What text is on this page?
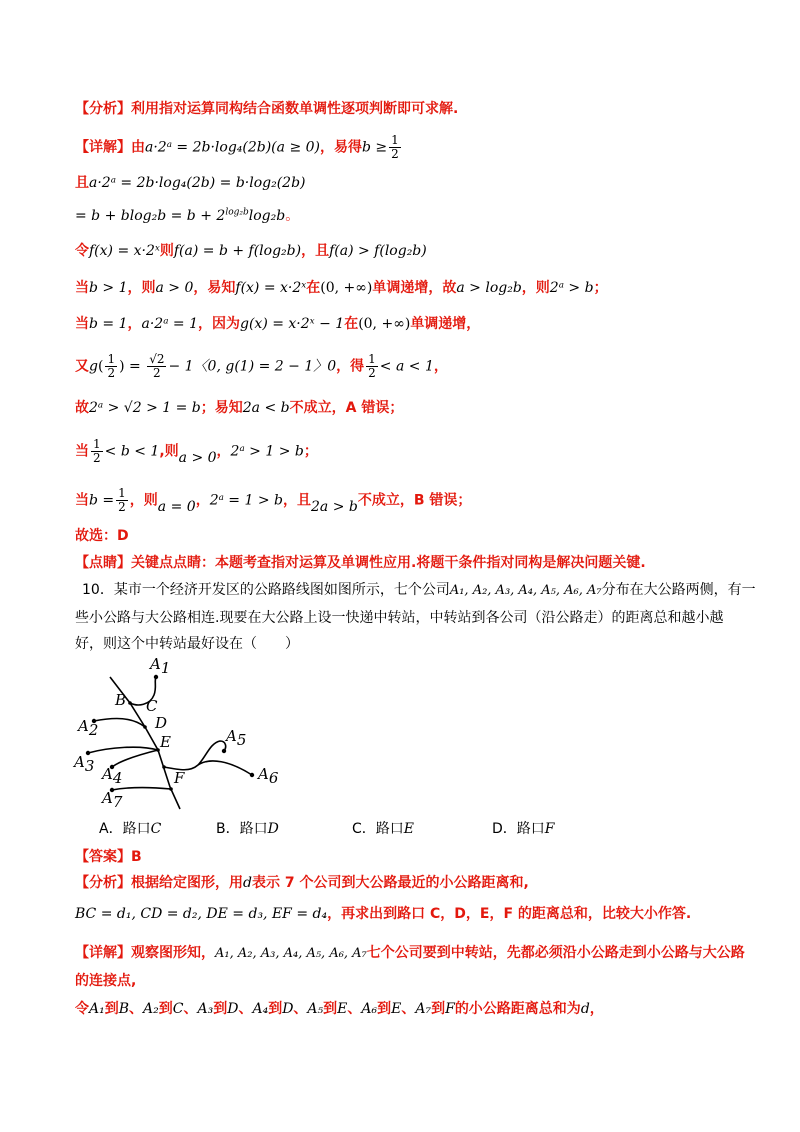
【分析】利用指对运算同构结合函数单调性逐项判断即可求解.
【详解】由a·2ᵃ = 2b·log₄(2b)(a ≥ 0)，易得$b \ge \frac{1}{2}$
且a·2ᵃ = 2b·log₄(2b) = b·log₂(2b)
= $b + blog_2b = b + 2^{log_2b}\log_2b$。
令f(x) = x·2ˣ则f(a) = b + f(log₂b)，且f(a) > f(log₂b)
当b > 1，则a > 0，易知f(x) = x·2ˣ在(0, +∞)单调递增，故a > log₂b，则2ᵃ > b；
当b = 1，a·2ᵃ = 1，因为g(x) = x·2ˣ − 1在(0, +∞)单调递增，
又$g( \frac{1}{2}$ ) = $\frac{√2}{2} - 1$〈0, g(1) = 2 − 1〉0，得 $\frac{1}{2} < a < 1$，
故2ᵃ > √2 > 1 = b；易知2a < b不成立，A 错误；
当 $\frac{1}{2} < b < 1$,则a > 0，2ᵃ > 1 > b；
当$b = \frac{1}{2}$ ，则a = 0，2ᵃ = 1 > b，且2a > b不成立，B 错误；
故选：D
【点睛】关键点点睛：本题考查指对运算及单调性应用.将题干条件指对同构是解决问题关键.
10．某市一个经济开发区的公路路线图如图所示，七个公司A₁, A₂, A₃, A₄, A₅, A₆, A₇分布在大公路两侧，有一
些小公路与大公路相连.现要在大公路上设一快递中转站，中转站到各公司（沿公路走）的距离总和越小越
好，则这个中转站最好设在（　　）
A1
B C
D
E
F
A2
A3 A4
A5
A6
A7
A．路口C	B．路口D	C．路口E	D．路口F
【答案】B
【分析】根据给定图形，用d表示 7 个公司到大公路最近的小公路距离和,
BC = d₁, CD = d₂, DE = d₃, EF = d₄，再求出到路口 C，D，E，F 的距离总和，比较大小作答.
【详解】观察图形知，A₁, A₂, A₃, A₄, A₅, A₆, A₇七个公司要到中转站，先都必须沿小公路走到小公路与大公路
的连接点,
令A₁到B、A₂到C、A₃到D、A₄到D、A₅到E、A₆到E、A₇到F的小公路距离总和为d，
